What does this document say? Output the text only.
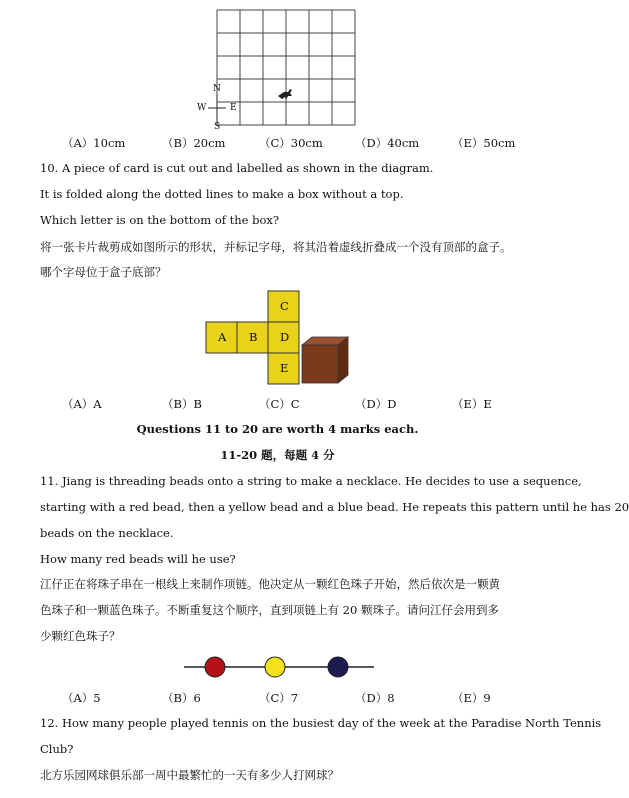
N
S
W	E
（A）10cm	（B）20cm	（C）30cm	（D）40cm	（E）50cm
10. A piece of card is cut out and labelled as shown in the diagram.
It is folded along the dotted lines to make a box without a top.
Which letter is on the bottom of the box?
将一张卡片裁剪成如图所示的形状，并标记字母，将其沿着虚线折叠成一个没有顶部的盒子。
哪个字母位于盒子底部？
C
A B D
E
（A）A	（B）B	（C）C	（D）D	（E）E
Questions 11 to 20 are worth 4 marks each.
11-20 题，每题 4 分
11. Jiang is threading beads onto a string to make a necklace. He decides to use a sequence,
starting with a red bead, then a yellow bead and a blue bead. He repeats this pattern until he has 20
beads on the necklace.
How many red beads will he use?
江仔正在将珠子串在一根线上来制作项链。他决定从一颗红色珠子开始，然后依次是一颗黄
色珠子和一颗蓝色珠子。不断重复这个顺序，直到项链上有 20 颗珠子。请问江仔会用到多
少颗红色珠子？
（A）5	（B）6	（C）7	（D）8	（E）9
12. How many people played tennis on the busiest day of the week at the Paradise North Tennis
Club?
北方乐园网球俱乐部一周中最繁忙的一天有多少人打网球？
